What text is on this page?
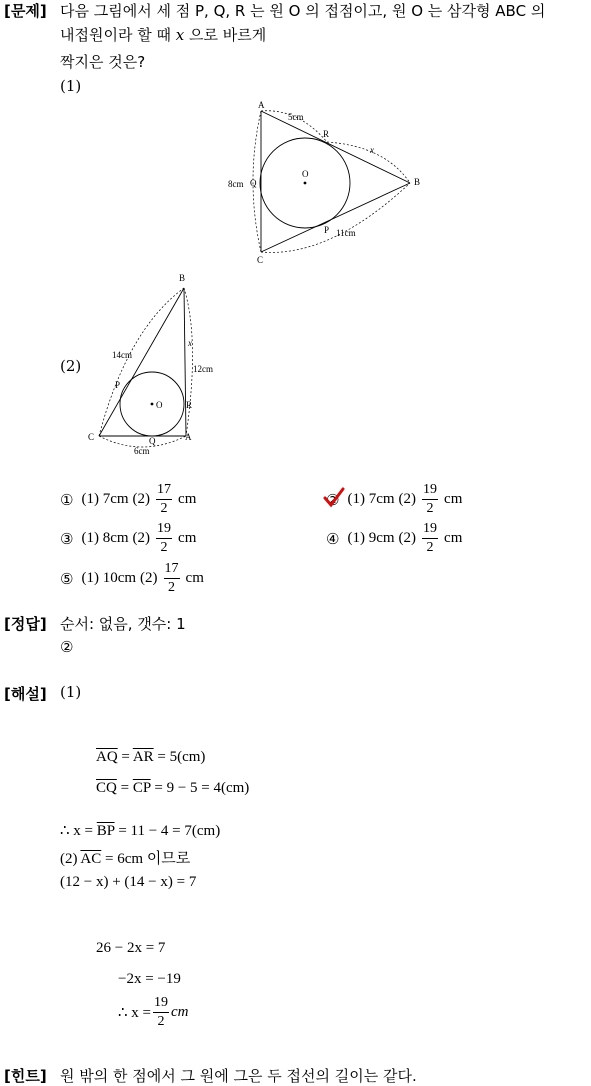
[문제] 다음 그림에서 세 점 P, Q, R 는 원 O 의 접점이고, 원 O 는 삼각형 ABC 의
내접원이라 할 때 x 으로 바르게
짝지은 것은?
(1)
A
B
C
O
P
Q
R
5cm
x
8cm
11cm
(2)
B
C	A
O
P
Q
R
14cm
x
12cm
6cm
① (1) 7cm $(2) \frac{17}{2}$ cm	② (1) 7cm $(2) \frac{19}{2}$ cm
③ (1) 8cm $(2) \frac{19}{2}$ cm	④ (1) 9cm $(2) \frac{19}{2}$ cm
⑤ (1) 10cm $(2) \frac{17}{2}$ cm
[정답] 순서: 없음, 갯수: 1
②
[해설] (1)
$\overline{AQ} = \overline{AR} = 5(cm)$
$\overline{CQ} = \overline{CP} = 9 - 5 = 4(cm)$
∴ $x = \overline{BP} = 11 - 4 = 7(cm)$
(2) $\overline{AC} = 6cm$ 이므로
(12 − x) + (14 − x) = 7
26 − 2x = 7
−2x = −19
∴ $x = \frac{19}{2}$ cm
[힌트] 원 밖의 한 점에서 그 원에 그은 두 접선의 길이는 같다.
